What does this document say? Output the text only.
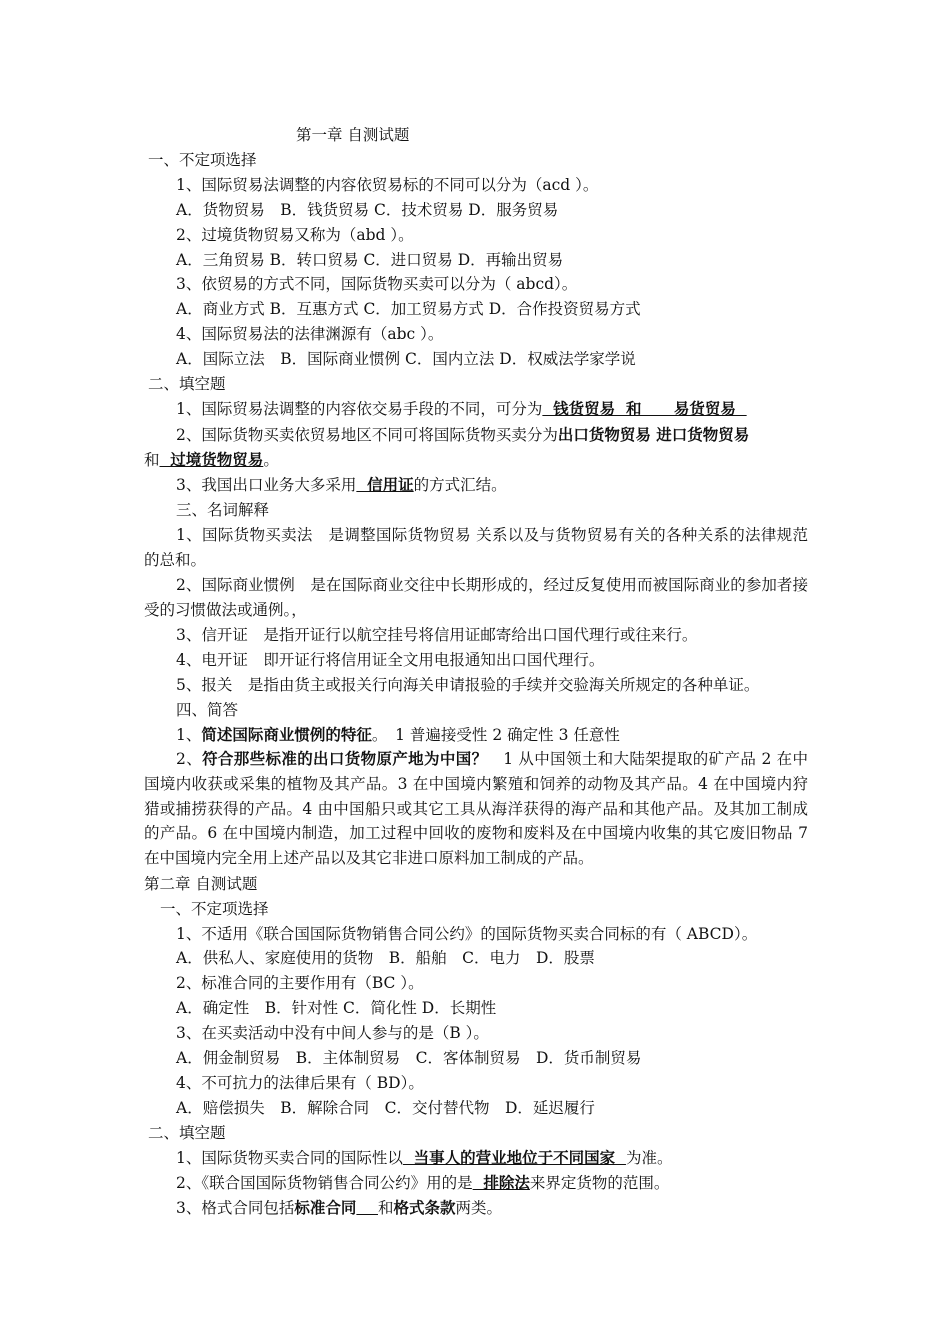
第一章 自测试题
一、不定项选择
1、国际贸易法调整的内容依贸易标的不同可以分为（acd ）。
A．货物贸易　B．钱货贸易 C．技术贸易 D．服务贸易
2、过境货物贸易又称为（abd ）。
A．三角贸易 B．转口贸易 C．进口贸易 D．再输出贸易
3、依贸易的方式不同，国际货物买卖可以分为（ abcd）。
A．商业方式 B．互惠方式 C．加工贸易方式 D．合作投资贸易方式
4、国际贸易法的法律渊源有（abc ）。
A．国际立法　B．国际商业惯例 C．国内立法 D．权威法学家学说
二、填空题
1、国际贸易法调整的内容依交易手段的不同，可分为  钱货贸易  和      易货贸易
2、国际货物买卖依贸易地区不同可将国际货物买卖分为出口货物贸易 进口货物贸易
和  过境货物贸易。
3、我国出口业务大多采用  信用证的方式汇结。
三、名词解释
1、国际货物买卖法　是调整国际货物贸易 关系以及与货物贸易有关的各种关系的法律规范的总和。
2、国际商业惯例　是在国际商业交往中长期形成的，经过反复使用而被国际商业的参加者接受的习惯做法或通例。，
3、信开证　是指开证行以航空挂号将信用证邮寄给出口国代理行或往来行。
4、电开证　即开证行将信用证全文用电报通知出口国代理行。
5、报关　是指由货主或报关行向海关申请报验的手续并交验海关所规定的各种单证。
四、简答
1、简述国际商业惯例的特征。　1 普遍接受性 2 确定性 3 任意性
2、符合那些标准的出口货物原产地为中国？　1 从中国领土和大陆架提取的矿产品 2 在中国境内收获或采集的植物及其产品。3 在中国境内繁殖和饲养的动物及其产品。4 在中国境内狩猎或捕捞获得的产品。4 由中国船只或其它工具从海洋获得的海产品和其他产品。及其加工制成的产品。6 在中国境内制造，加工过程中回收的废物和废料及在中国境内收集的其它废旧物品 7 在中国境内完全用上述产品以及其它非进口原料加工制成的产品。
第二章 自测试题
一、不定项选择
1、不适用《联合国国际货物销售合同公约》的国际货物买卖合同标的有（ ABCD）。
A．供私人、家庭使用的货物　B．船舶　C．电力　D．股票
2、标准合同的主要作用有（BC ）。
A．确定性　B．针对性 C．简化性 D．长期性
3、在买卖活动中没有中间人参与的是（B ）。
A．佣金制贸易　B．主体制贸易　C．客体制贸易　D．货币制贸易
4、不可抗力的法律后果有（ BD）。
A．赔偿损失　B．解除合同　C．交付替代物　D．延迟履行
二、填空题
1、国际货物买卖合同的国际性以  当事人的营业地位于不同国家  为准。
2、《联合国国际货物销售合同公约》用的是  排除法来界定货物的范围。
3、格式合同包括标准合同 和格式条款两类。
